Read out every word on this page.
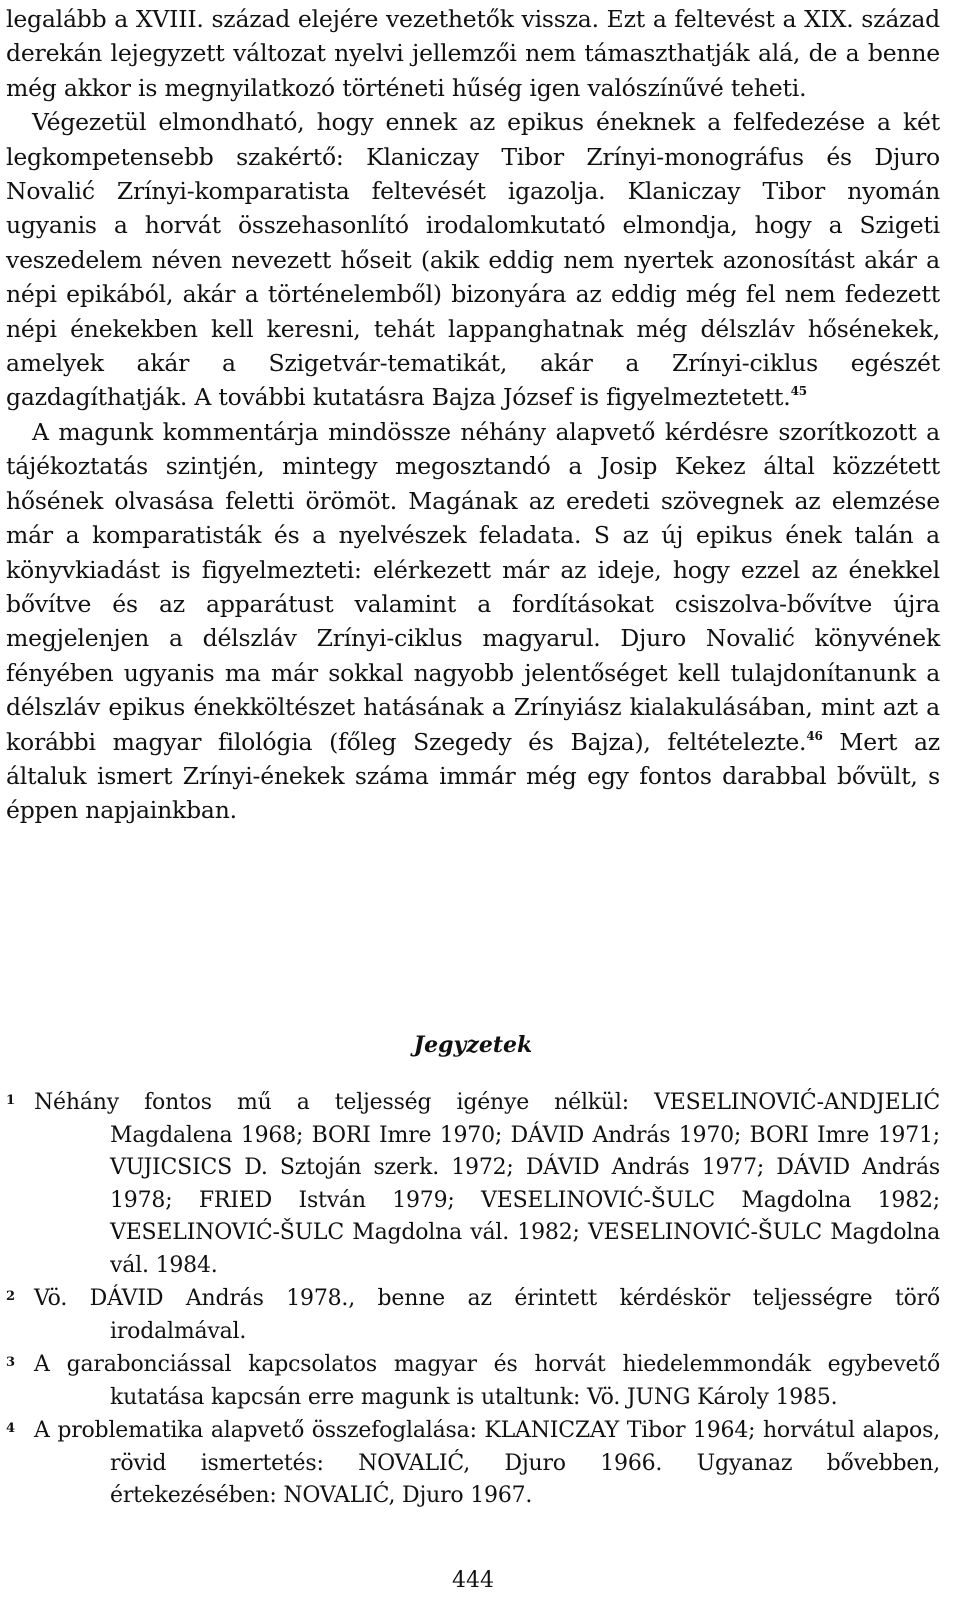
legalább a XVIII. század elejére vezethetők vissza. Ezt a feltevést a XIX. század derekán lejegyzett változat nyelvi jellemzői nem támaszthatják alá, de a benne még akkor is megnyilatkozó történeti hűség igen valószínűvé teheti.

Végezetül elmondható, hogy ennek az epikus éneknek a felfedezése a két legkompetensebb szakértő: Klaniczay Tibor Zrínyi-monográfus és Djuro Novalić Zrínyi-komparatista feltevését igazolja. Klaniczay Tibor nyomán ugyanis a horvát összehasonlító irodalomkutató elmondja, hogy a Szigeti veszedelem néven nevezett hőseit (akik eddig nem nyertek azonosítást akár a népi epikából, akár a történelemből) bizonyára az eddig még fel nem fedezett népi énekekben kell keresni, tehát lappanghatnak még délszláv hősénekek, amelyek akár a Szigetvár-tematikát, akár a Zrínyi-ciklus egészét gazdagíthatják. A további kutatásra Bajza József is figyelmeztetett.$^{45}$

A magunk kommentárja mindössze néhány alapvető kérdésre szorítkozott a tájékoztatás szintjén, mintegy megosztandó a Josip Kekez által közzétett hősének olvasása feletti örömöt. Magának az eredeti szövegnek az elemzése már a komparatisták és a nyelvészek feladata. S az új epikus ének talán a könyvkiadást is figyelmezteti: elérkezett már az ideje, hogy ezzel az énekkel bővítve és az apparátust valamint a fordításokat csiszolva-bővítve újra megjelenjen a délszláv Zrínyi-ciklus magyarul. Djuro Novalić könyvének fényében ugyanis ma már sokkal nagyobb jelentőséget kell tulajdonítanunk a délszláv epikus énekköltészet hatásának a Zrínyiász kialakulásában, mint azt a korábbi magyar filológia (főleg Szegedy és Bajza), feltételezte.$^{46}$ Mert az általuk ismert Zrínyi-énekek száma immár még egy fontos darabbal bővült, s éppen napjainkban.

Jegyzetek

1 Néhány fontos mű a teljesség igénye nélkül: VESELINOVIĆ-ANDJELIĆ Magdalena 1968; BORI Imre 1970; DÁVID András 1970; BORI Imre 1971; VUJICSICS D. Sztoján szerk. 1972; DÁVID András 1977; DÁVID András 1978; FRIED István 1979; VESELINOVIĆ-ŠULC Magdolna 1982; VESELINOVIĆ-ŠULC Magdolna vál. 1982; VESELINOVIĆ-ŠULC Magdolna vál. 1984.
2 Vö. DÁVID András 1978., benne az érintett kérdéskör teljességre törő irodalmával.
3 A garabonciással kapcsolatos magyar és horvát hiedelemmondák egybevető kutatása kapcsán erre magunk is utaltunk: Vö. JUNG Károly 1985.
4 A problematika alapvető összefoglalása: KLANICZAY Tibor 1964; horvátul alapos, rövid ismertetés: NOVALIĆ, Djuro 1966. Ugyanaz bővebben, értekezésében: NOVALIĆ, Djuro 1967.

444
